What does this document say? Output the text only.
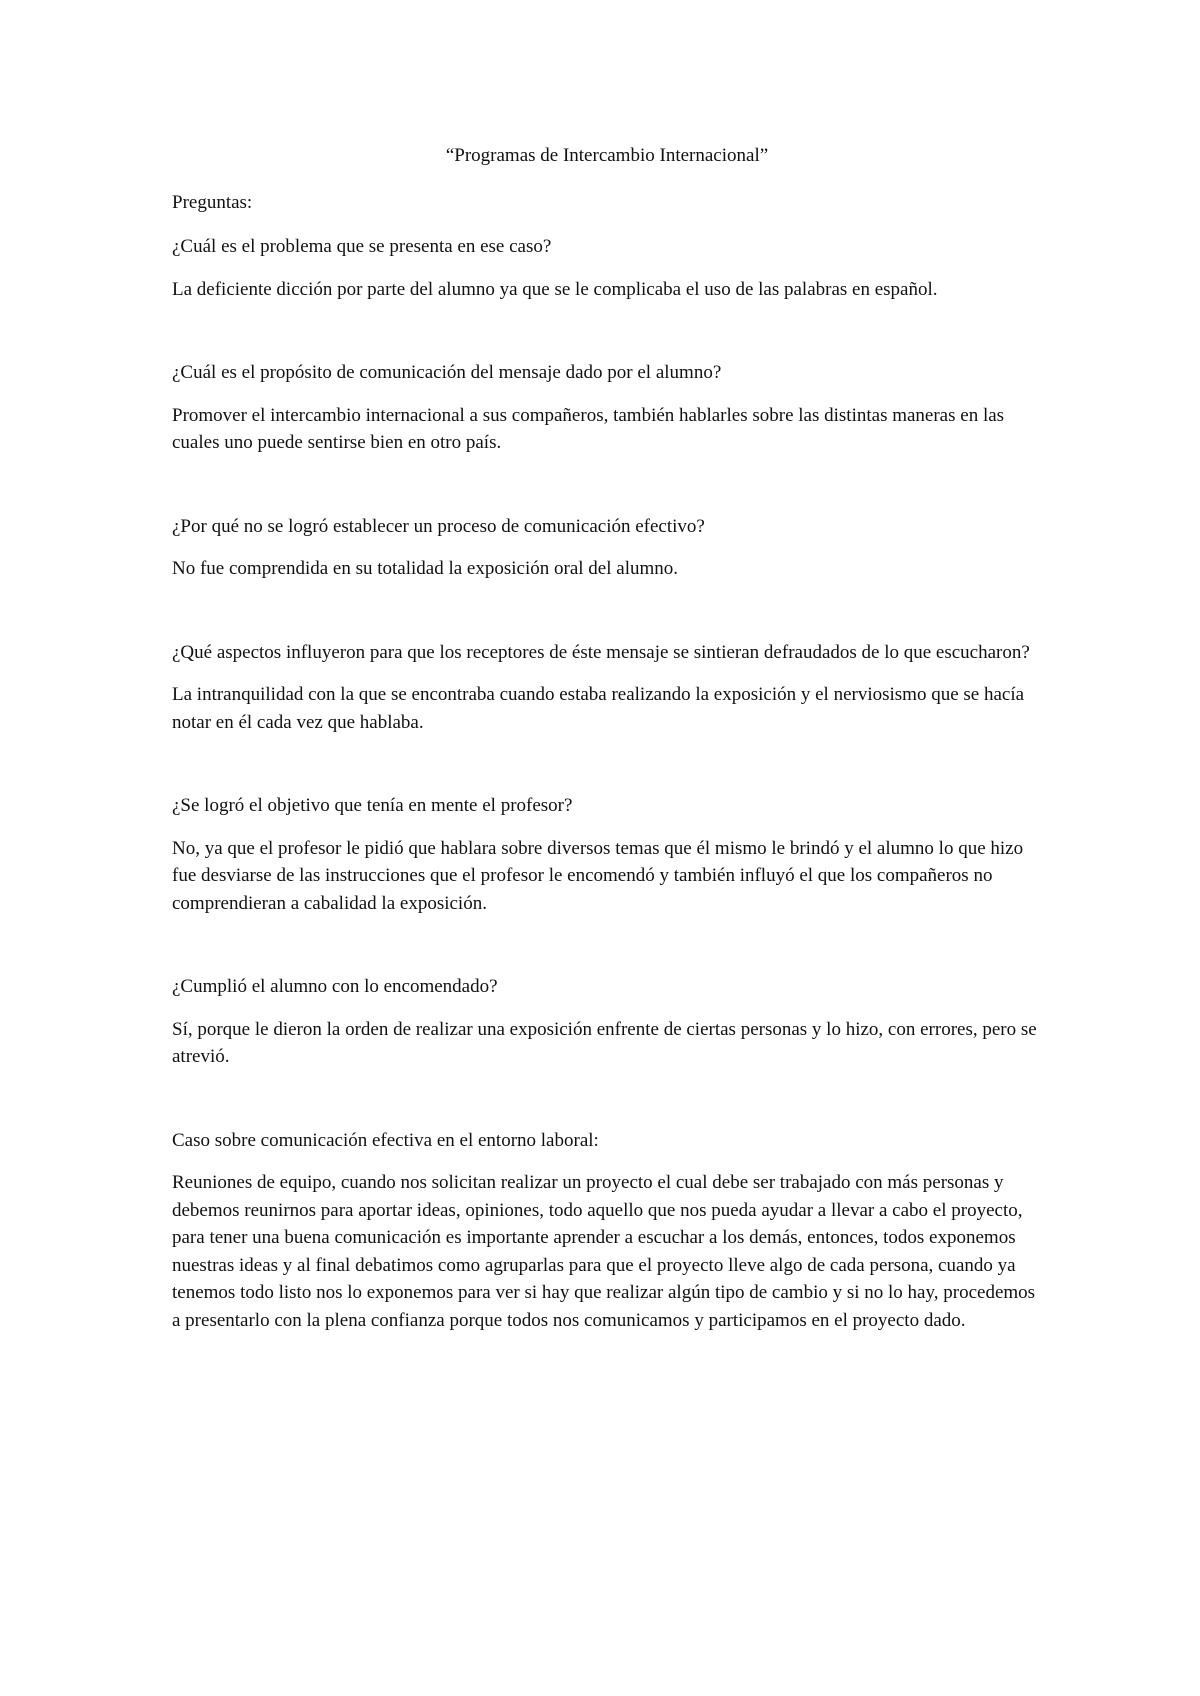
“Programas de Intercambio Internacional”

Preguntas:

¿Cuál es el problema que se presenta en ese caso?

La deficiente dicción por parte del alumno ya que se le complicaba el uso de las palabras en español.

¿Cuál es el propósito de comunicación del mensaje dado por el alumno?

Promover el intercambio internacional a sus compañeros, también hablarles sobre las distintas maneras en las cuales uno puede sentirse bien en otro país.

¿Por qué no se logró establecer un proceso de comunicación efectivo?

No fue comprendida en su totalidad la exposición oral del alumno.

¿Qué aspectos influyeron para que los receptores de éste mensaje se sintieran defraudados de lo que escucharon?

La intranquilidad con la que se encontraba cuando estaba realizando la exposición y el nerviosismo que se hacía notar en él cada vez que hablaba.

¿Se logró el objetivo que tenía en mente el profesor?

No, ya que el profesor le pidió que hablara sobre diversos temas que él mismo le brindó y el alumno lo que hizo fue desviarse de las instrucciones que el profesor le encomendó y también influyó el que los compañeros no comprendieran a cabalidad la exposición.

¿Cumplió el alumno con lo encomendado?

Sí, porque le dieron la orden de realizar una exposición enfrente de ciertas personas y lo hizo, con errores, pero se atrevió.

Caso sobre comunicación efectiva en el entorno laboral:

Reuniones de equipo, cuando nos solicitan realizar un proyecto el cual debe ser trabajado con más personas y debemos reunirnos para aportar ideas, opiniones, todo aquello que nos pueda ayudar a llevar a cabo el proyecto, para tener una buena comunicación es importante aprender a escuchar a los demás, entonces, todos exponemos nuestras ideas y al final debatimos como agruparlas para que el proyecto lleve algo de cada persona, cuando ya tenemos todo listo nos lo exponemos para ver si hay que realizar algún tipo de cambio y si no lo hay, procedemos a presentarlo con la plena confianza porque todos nos comunicamos y participamos en el proyecto dado.
